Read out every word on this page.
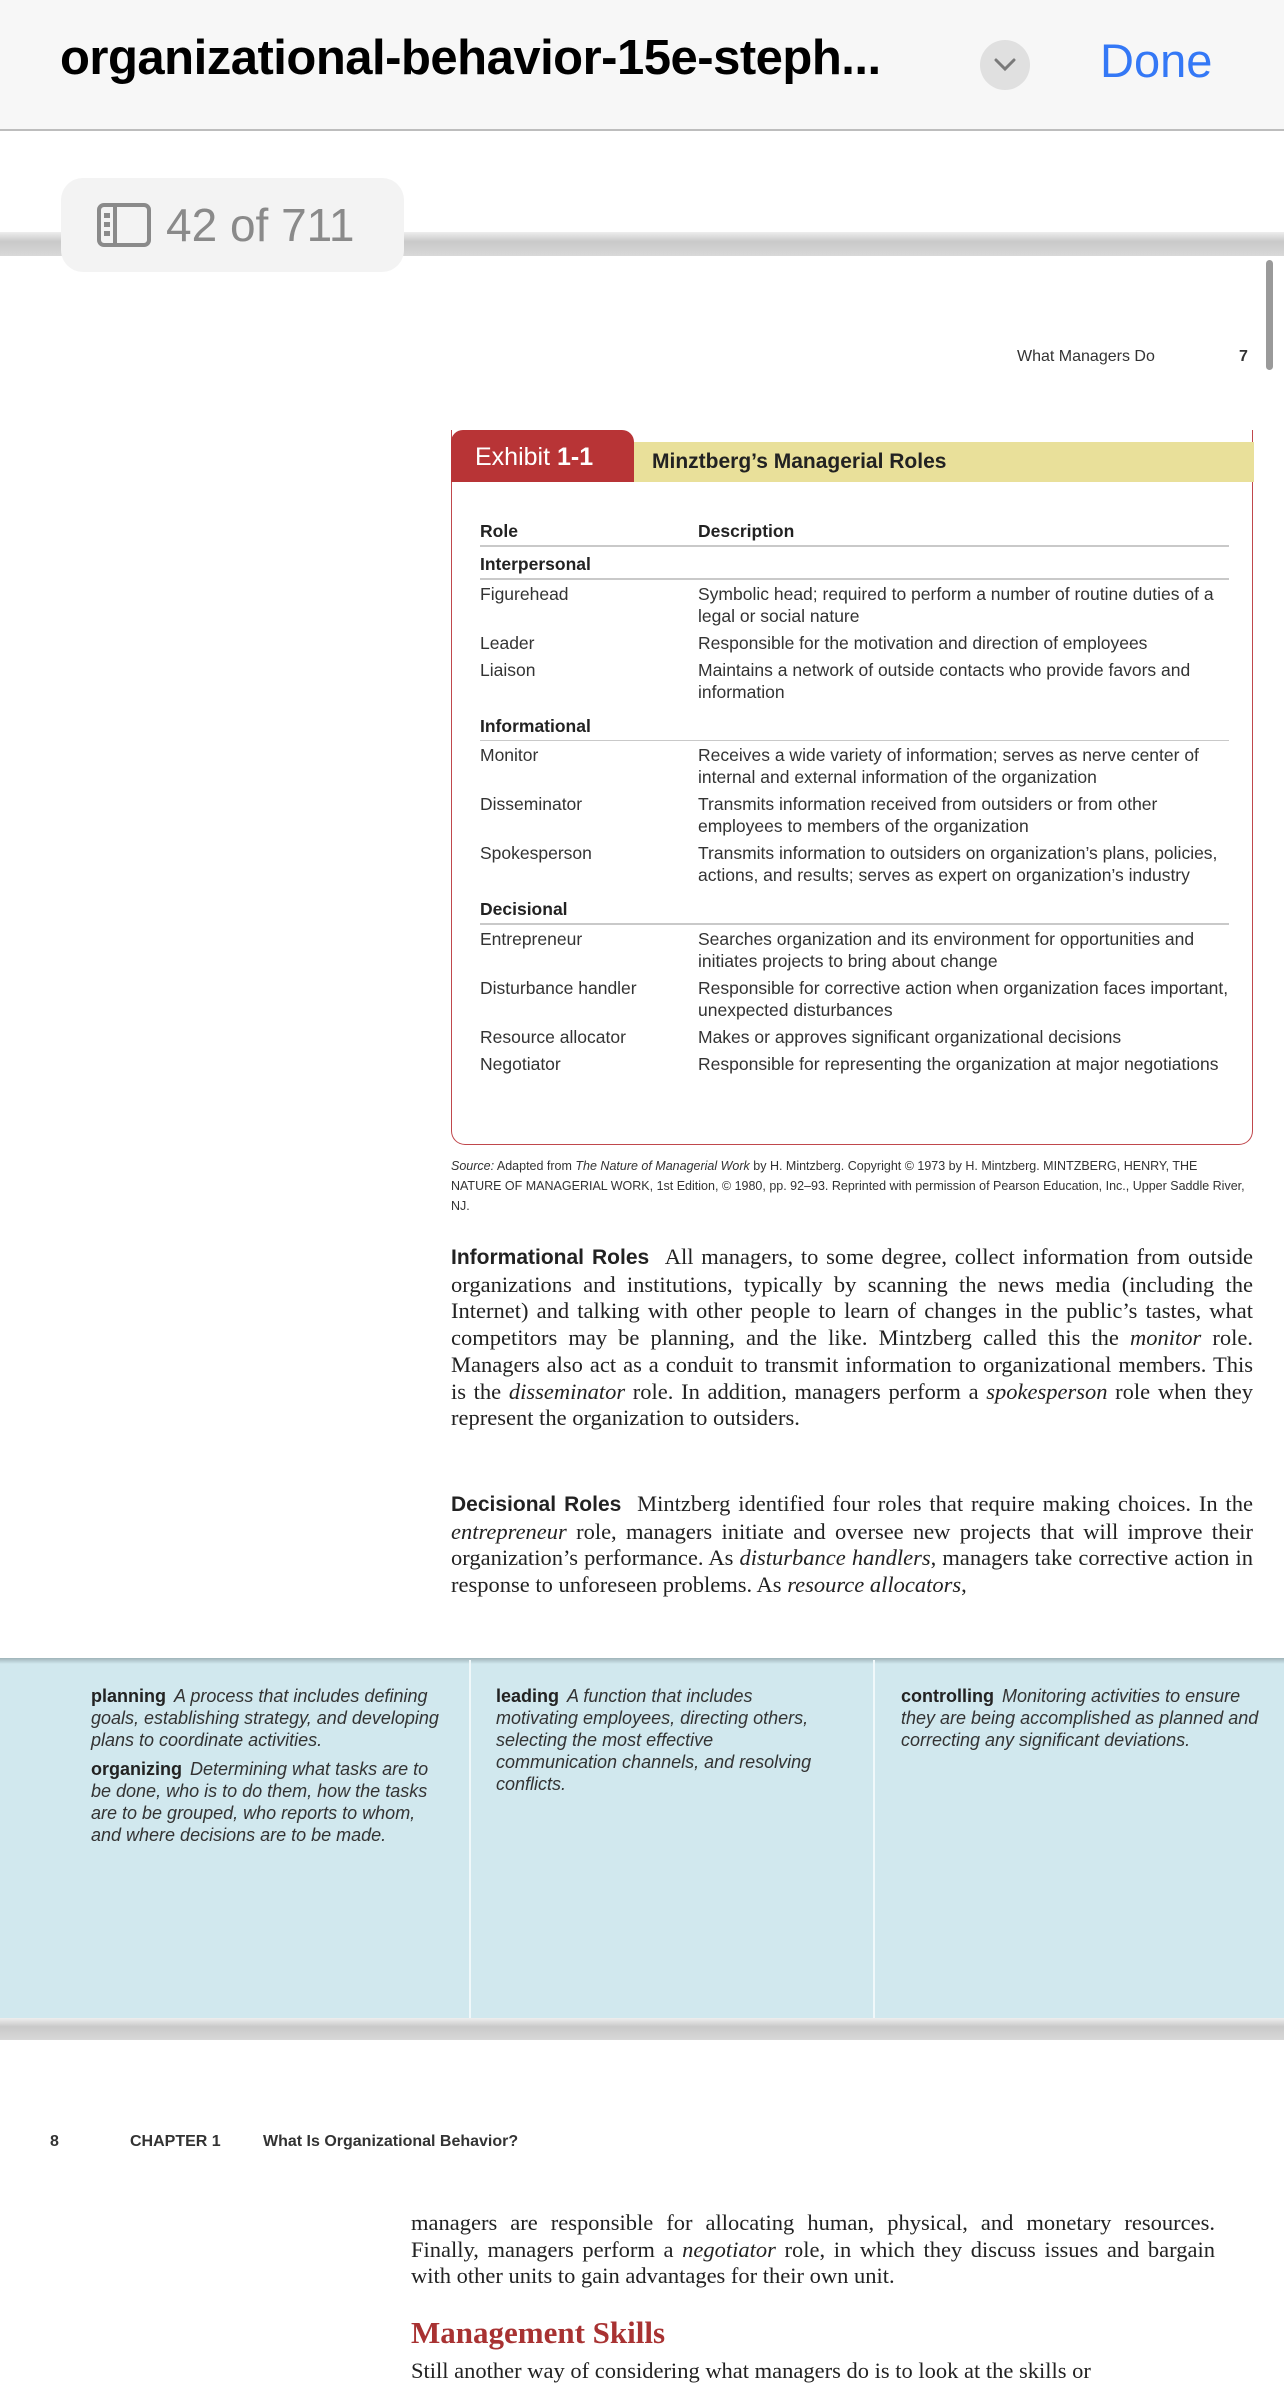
organizational-behavior-15e-steph...	Done
42 of 711
What Managers Do	7
Exhibit 1-1	Minztberg’s Managerial Roles
Role	Description
Interpersonal
Figurehead	Symbolic head; required to perform a number of routine duties of a legal or social nature
Leader	Responsible for the motivation and direction of employees
Liaison	Maintains a network of outside contacts who provide favors and information
Informational
Monitor	Receives a wide variety of information; serves as nerve center of internal and external information of the organization
Disseminator	Transmits information received from outsiders or from other employees to members of the organization
Spokesperson	Transmits information to outsiders on organization’s plans, policies, actions, and results; serves as expert on organization’s industry
Decisional
Entrepreneur	Searches organization and its environment for opportunities and initiates projects to bring about change
Disturbance handler	Responsible for corrective action when organization faces important, unexpected disturbances
Resource allocator	Makes or approves significant organizational decisions
Negotiator	Responsible for representing the organization at major negotiations
Source: Adapted from The Nature of Managerial Work by H. Mintzberg. Copyright © 1973 by H. Mintzberg. MINTZBERG, HENRY, THE NATURE OF MANAGERIAL WORK, 1st Edition, © 1980, pp. 92–93. Reprinted with permission of Pearson Education, Inc., Upper Saddle River, NJ.
Informational Roles All managers, to some degree, collect information from outside organizations and institutions, typically by scanning the news media (including the Internet) and talking with other people to learn of changes in the public’s tastes, what competitors may be planning, and the like. Mintzberg called this the monitor role. Managers also act as a conduit to transmit information to organizational members. This is the disseminator role. In addition, managers perform a spokesperson role when they represent the organization to outsiders.
Decisional Roles Mintzberg identified four roles that require making choices. In the entrepreneur role, managers initiate and oversee new projects that will improve their organization’s performance. As disturbance handlers, managers take corrective action in response to unforeseen problems. As resource allocators,

planning A process that includes defining goals, establishing strategy, and developing plans to coordinate activities.

organizing Determining what tasks are to be done, who is to do them, how the tasks are to be grouped, who reports to whom, and where decisions are to be made.

leading A function that includes motivating employees, directing others, selecting the most effective communication channels, and resolving conflicts.

controlling Monitoring activities to ensure they are being accomplished as planned and correcting any significant deviations.

8	CHAPTER 1	What Is Organizational Behavior?
managers are responsible for allocating human, physical, and monetary resources. Finally, managers perform a negotiator role, in which they discuss issues and bargain with other units to gain advantages for their own unit.
Management Skills
Still another way of considering what managers do is to look at the skills or
